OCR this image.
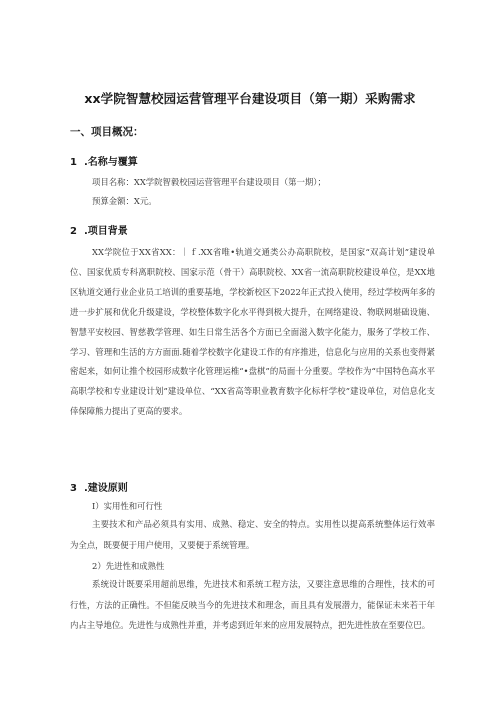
xx学院智慧校园运营管理平台建设项目（第一期）采购需求
一、项目概况：
1 .名称与覆算
项目名称：XX学院智毅校园运营管理平台建设项目（第一期）；
预算金额：X元。
2 .项目背景

XX学院位于XX省XX：｜ｆ.XX省唯•轨道交通类公办高职院校，是国家“双高计划”建设单位、国家优质专科离职院校、国家示范（骨干）高职院校、XX省一流高职院校建设单位，是XX地区轨道交通行业企业员工培训的重要基地，学校新校区下2022年正式投入使用，经过学校两年多的进一步扩展和优化升级建设，学校整体数字化水平得到极大提升，在网络建设、物联网堪础设施、智慧平安校园、智慈教学管理、如生日常生活各个方面已全面滋入数字化能力，服务了学校工作、学习、管理和生活的方方面面.随着学校数字化建设工作的有序推进，信息化与应用的关系也变得紧密起来，如何让推个校园形成数字化管理运椎“•盘棋”的局面十分重要。学校作为“中国特色高水平高职学校和专业建设计划”建设单位、“XX省高等职业教育数字化标杆学校”建设单位，对信息化支倖保障熊力提出了更高的要求。

3 .建设原则
I）实用性和可行性

主要技术和产品必须具有实用、成熟、稳定、安全的特点。实用性以提高系统整体运行效率为全点，既要便于用户使用，又要便于系统管理。

2）先进性和成熟性

系统设计既要采用超前思维，先进技术和系统工程方法，又要注意思维的合理性，技术的可行性，方法的正确性。不但能反映当今的先进技术和理念，而且具有发展潜力，能保证未来若干年内占主导地位。先进性与成熟性并重，并考虑到近年来的应用发展特点，把先进性放在至要位巴。
